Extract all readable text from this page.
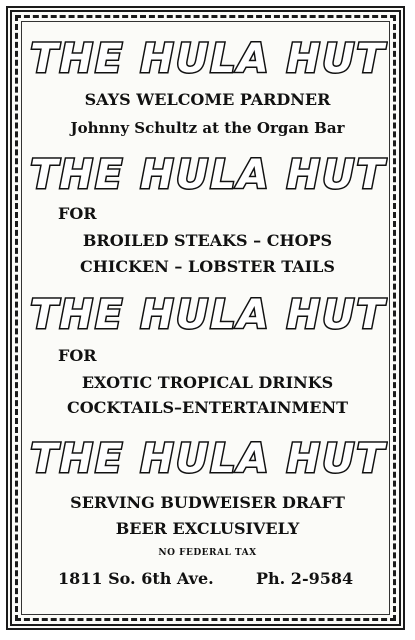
THE HULA HUT
SAYS WELCOME PARDNER
Johnny Schultz at the Organ Bar
THE HULA HUT
FOR
BROILED STEAKS – CHOPS
CHICKEN – LOBSTER TAILS
THE HULA HUT
FOR
EXOTIC TROPICAL DRINKS
COCKTAILS–ENTERTAINMENT
THE HULA HUT
SERVING BUDWEISER DRAFT
BEER EXCLUSIVELY
NO FEDERAL TAX
1811 So. 6th Ave.	Ph. 2-9584
